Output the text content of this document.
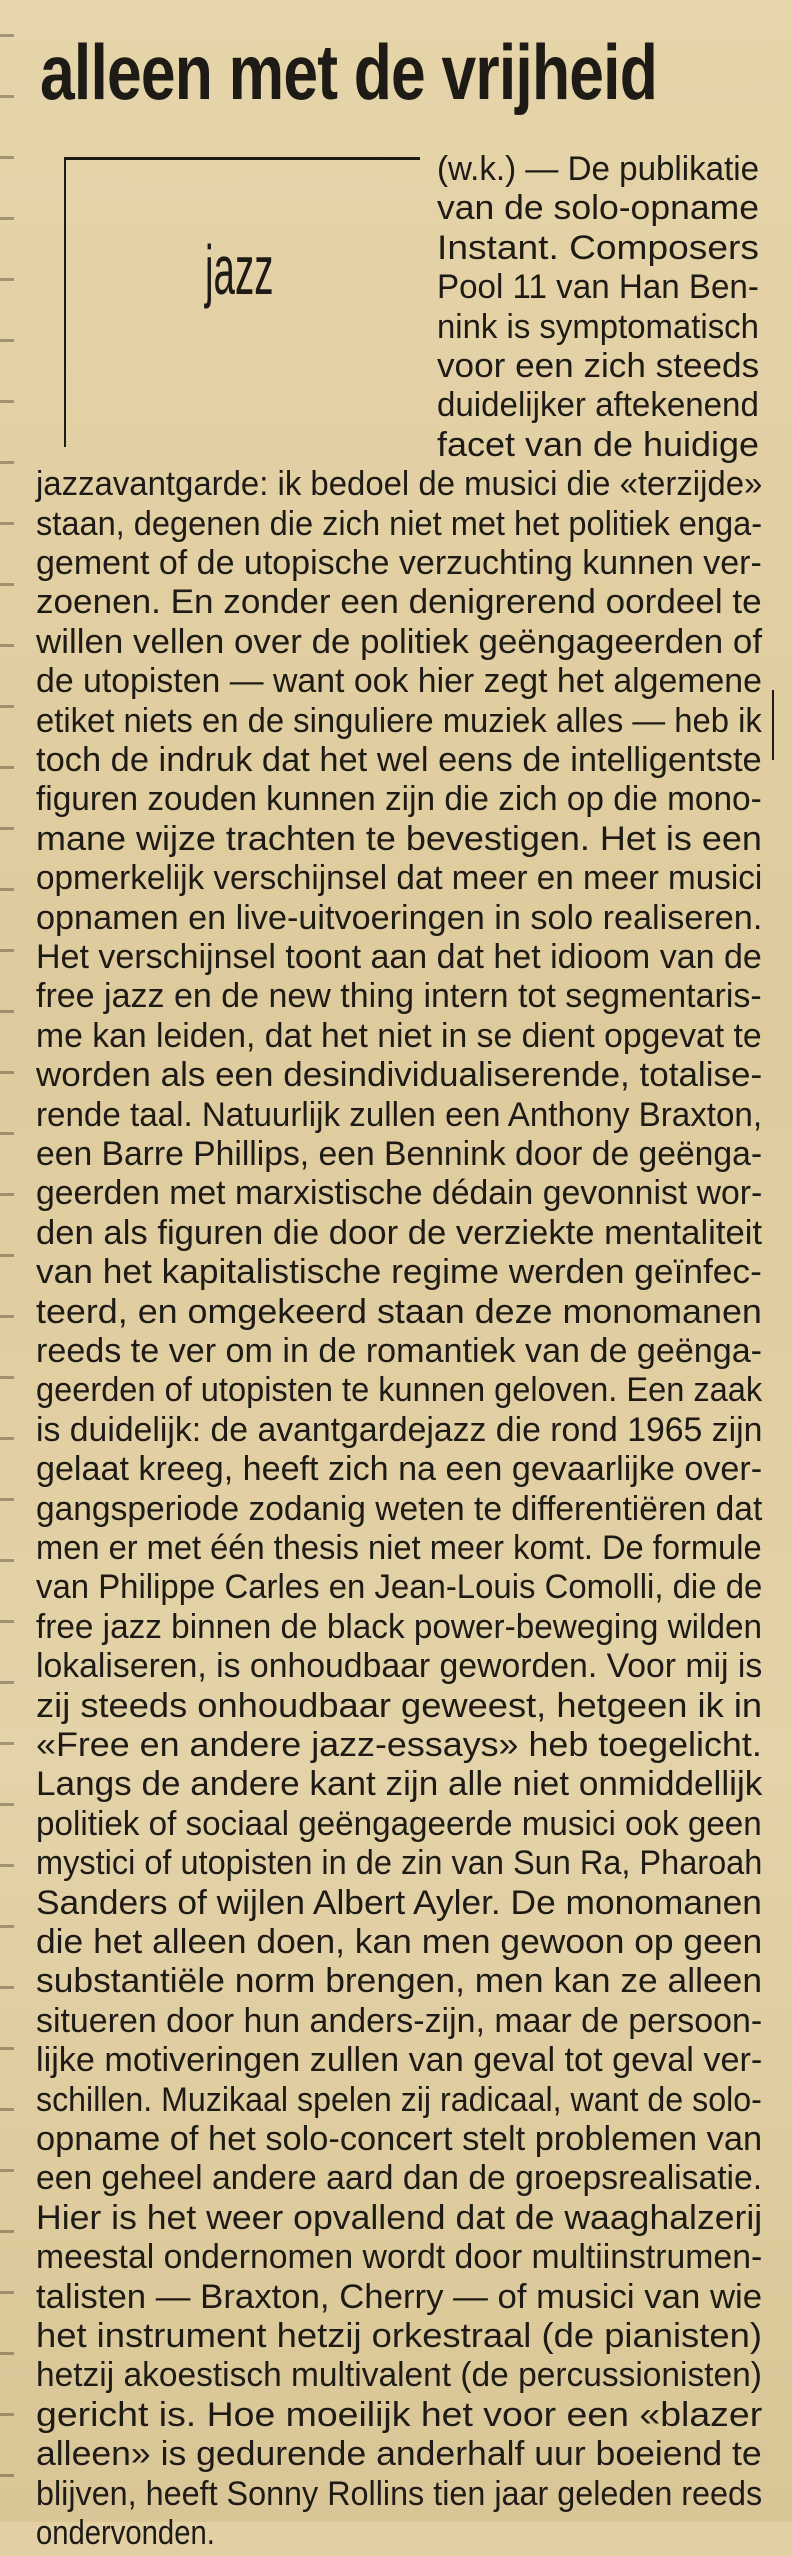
alleen met de vrijheid
jazz
(w.k.) — De publikatie
van de solo-opname
Instant. Composers
Pool 11 van Han Ben-
nink is symptomatisch
voor een zich steeds
duidelijker aftekenend
facet van de huidige
jazzavantgarde: ik bedoel de musici die «terzijde»
staan, degenen die zich niet met het politiek enga-
gement of de utopische verzuchting kunnen ver-
zoenen. En zonder een denigrerend oordeel te
willen vellen over de politiek geëngageerden of
de utopisten — want ook hier zegt het algemene
etiket niets en de singuliere muziek alles — heb ik
toch de indruk dat het wel eens de intelligentste
figuren zouden kunnen zijn die zich op die mono-
mane wijze trachten te bevestigen. Het is een
opmerkelijk verschijnsel dat meer en meer musici
opnamen en live-uitvoeringen in solo realiseren.
Het verschijnsel toont aan dat het idioom van de
free jazz en de new thing intern tot segmentaris-
me kan leiden, dat het niet in se dient opgevat te
worden als een desindividualiserende, totalise-
rende taal. Natuurlijk zullen een Anthony Braxton,
een Barre Phillips, een Bennink door de geënga-
geerden met marxistische dédain gevonnist wor-
den als figuren die door de verziekte mentaliteit
van het kapitalistische regime werden geïnfec-
teerd, en omgekeerd staan deze monomanen
reeds te ver om in de romantiek van de geënga-
geerden of utopisten te kunnen geloven. Een zaak
is duidelijk: de avantgardejazz die rond 1965 zijn
gelaat kreeg, heeft zich na een gevaarlijke over-
gangsperiode zodanig weten te differentiëren dat
men er met één thesis niet meer komt. De formule
van Philippe Carles en Jean-Louis Comolli, die de
free jazz binnen de black power-beweging wilden
lokaliseren, is onhoudbaar geworden. Voor mij is
zij steeds onhoudbaar geweest, hetgeen ik in
«Free en andere jazz-essays» heb toegelicht.
Langs de andere kant zijn alle niet onmiddellijk
politiek of sociaal geëngageerde musici ook geen
mystici of utopisten in de zin van Sun Ra, Pharoah
Sanders of wijlen Albert Ayler. De monomanen
die het alleen doen, kan men gewoon op geen
substantiële norm brengen, men kan ze alleen
situeren door hun anders-zijn, maar de persoon-
lijke motiveringen zullen van geval tot geval ver-
schillen. Muzikaal spelen zij radicaal, want de solo-
opname of het solo-concert stelt problemen van
een geheel andere aard dan de groepsrealisatie.
Hier is het weer opvallend dat de waaghalzerij
meestal ondernomen wordt door multiinstrumen-
talisten — Braxton, Cherry — of musici van wie
het instrument hetzij orkestraal (de pianisten)
hetzij akoestisch multivalent (de percussionisten)
gericht is. Hoe moeilijk het voor een «blazer
alleen» is gedurende anderhalf uur boeiend te
blijven, heeft Sonny Rollins tien jaar geleden reeds
ondervonden.
